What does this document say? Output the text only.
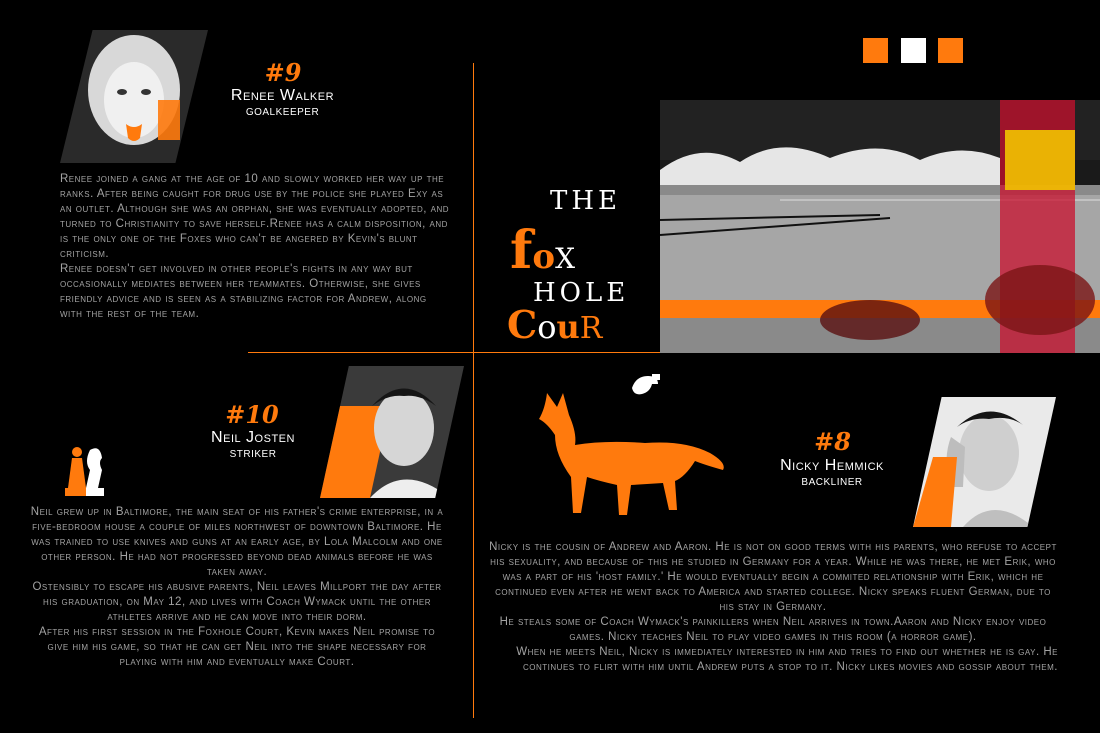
#9
Renee Walker
GOALKEEPER

Renee joined a gang at the age of 10 and slowly worked her way up the ranks. After being caught for drug use by the police she played Exy as an outlet. Although she was an orphan, she was eventually adopted, and turned to Christianity to save herself.Renee has a calm disposition, and is the only one of the Foxes who can't be angered by Kevin's blunt criticism.

Renee doesn't get involved in other people's fights in any way but occasionally mediates between her teammates. Otherwise, she gives friendly advice and is seen as a stabilizing factor for Andrew, along with the rest of the team.

THE
foX
HOLE
CouR
#10
Neil Josten
STRIKER

Neil grew up in Baltimore, the main seat of his father's crime enterprise, in a five-bedroom house a couple of miles northwest of downtown Baltimore. He was trained to use knives and guns at an early age, by Lola Malcolm and one other person. He had not progressed beyond dead animals before he was taken away.

Ostensibly to escape his abusive parents, Neil leaves Millport the day after his graduation, on May 12, and lives with Coach Wymack until the other athletes arrive and he can move into their dorm.

After his first session in the Foxhole Court, Kevin makes Neil promise to give him his game, so that he can get Neil into the shape necessary for playing with him and eventually make Court.

#8
Nicky Hemmick
BACKLINER

Nicky is the cousin of Andrew and Aaron. He is not on good terms with his parents, who refuse to accept his sexuality, and because of this he studied in Germany for a year. While he was there, he met Erik, who was a part of his 'host family.' He would eventually begin a commited relationship with Erik, which he continued even after he went back to America and started college. Nicky speaks fluent German, due to his stay in Germany.

He steals some of Coach Wymack's painkillers when Neil arrives in town.Aaron and Nicky enjoy video games. Nicky teaches Neil to play video games in this room (a horror game).

When he meets Neil, Nicky is immediately interested in him and tries to find out whether he is gay. He continues to flirt with him until Andrew puts a stop to it. Nicky likes movies and gossip about them.
